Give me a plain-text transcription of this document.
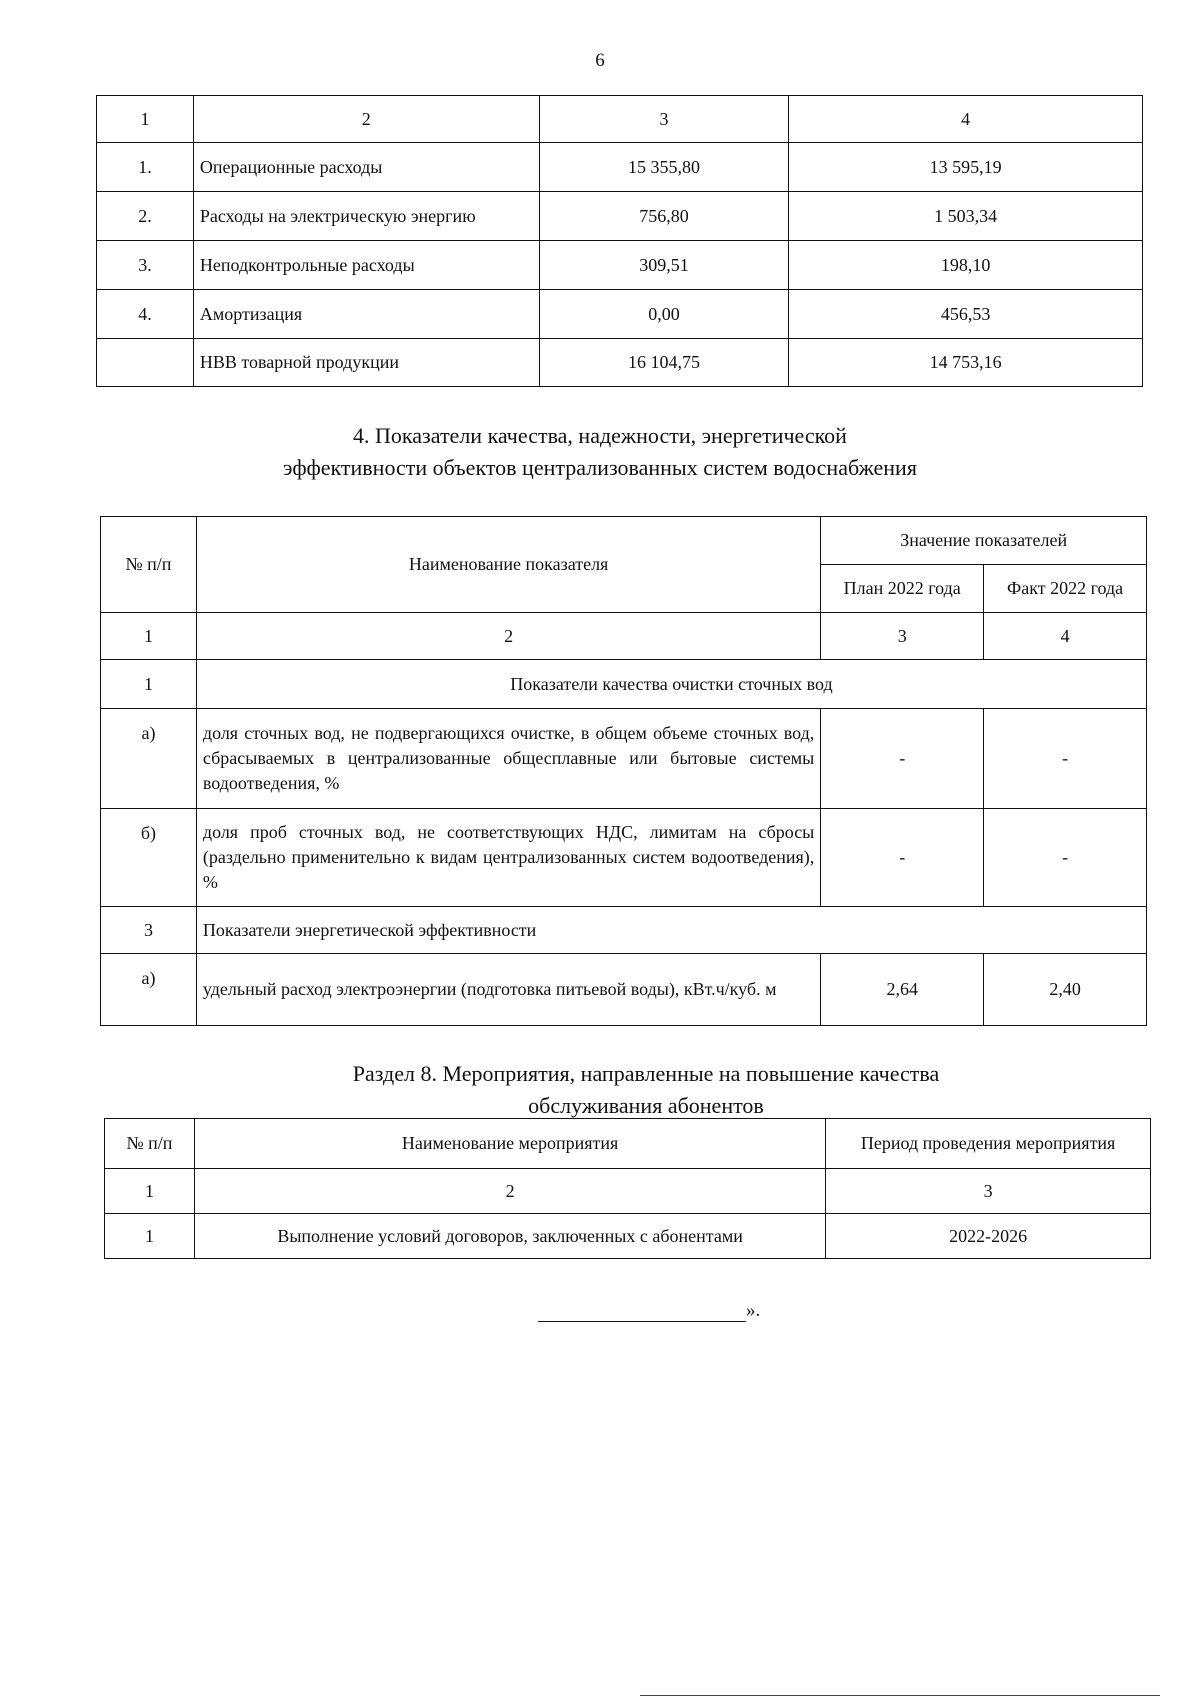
6
1	2	3	4
1.	Операционные расходы	15 355,80	13 595,19
2.	Расходы на электрическую энергию	756,80	1 503,34
3.	Неподконтрольные расходы	309,51	198,10
4.	Амортизация	0,00	456,53
	НВВ товарной продукции	16 104,75	14 753,16
4. Показатели качества, надежности, энергетической
эффективности объектов централизованных систем водоснабжения
№ п/п	Наименование показателя	Значение показателей	
		План 2022 года	Факт 2022 года
1	2	3	4
1	Показатели качества очистки сточных вод		
а)	доля сточных вод, не подвергающихся очистке, в общем объеме сточных вод, сбрасываемых в централизованные общесплавные или бытовые системы водоотведения, %	-	-
б)	доля проб сточных вод, не соответствующих НДС, лимитам на сбросы (раздельно применительно к видам централизованных систем водоотведения), %	-	-
3	Показатели энергетической эффективности		
а)	удельный расход электроэнергии (подготовка питьевой воды), кВт.ч/куб. м	2,64	2,40
Раздел 8. Мероприятия, направленные на повышение качества
обслуживания абонентов
№ п/п	Наименование мероприятия	Период проведения мероприятия
1	2	3
1	Выполнение условий договоров, заключенных с абонентами	2022-2026
».
